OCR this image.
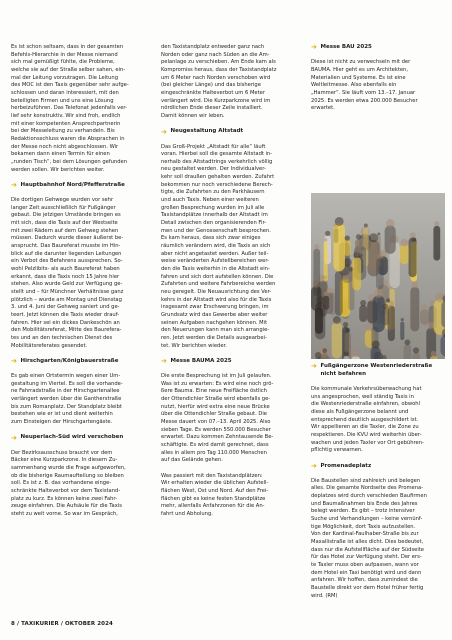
Es ist schon seltsam, dass in der gesamten
Befehls-Hierarchie in der Messe niemand
sich mal gemüßigt fühlte, die Probleme,
welche sie auf der Straße selber sahen, ein-
mal der Leitung vorzutragen. Die Leitung
des MOC ist den Taxis gegenüber sehr aufge-
schlossen und daran interessiert, mit den
beteiligten Firmen und uns eine Lösung
herbeizuführen. Das Telefonat jedenfalls ver-
lief sehr konstruktiv. Wir sind froh, endlich
mit einer kompetenten Ansprechpartnerin
bei der Messeleitung zu verhandeln. Bis
Redaktionsschluss waren die Absprachen in
der Messe noch nicht abgeschlossen. Wir
bekamen dann einen Termin für einen
„runden Tisch“, bei dem Lösungen gefunden
werden sollen. Wir berichten weiter.

➔ Hauptbahnhof Nord/Pfefferstraße

Die dortigen Gehwege wurden vor sehr
langer Zeit ausschließlich für Fußgänger
gebaut. Die jetzigen Umstände bringen es
mit sich, dass die Taxis auf der Westseite
mit zwei Rädern auf dem Gehweg stehen
müssen. Dadurch wurde dieser äußerst be-
ansprucht. Das Baureferat musste im Hin-
blick auf die darunter liegenden Leitungen
ein Verbot des Befahrens aussprechen. So-
wohl Pelzlibits- als auch Baureferat haben
erkannt, dass die Taxis noch 15 Jahre hier
stehen. Also wurde Geld zur Verfügung ge-
stellt und – für Münchner Verhältnisse ganz
plötzlich – wurde am Montag und Dienstag
3. und 4. Juni der Gehweg saniert und ge-
teert. Jetzt können die Taxis wieder drauf-
fahren. Hier sei ein dickes Dankeschön an
den Mobilitätsreferat, Mitte des Baurefera-
tes und an den technischen Dienst des
Mobilitätsreferates gesendet.

➔ Hirschgarten/Königbauerstraße

Es gab einen Ortstermin wegen einer Um-
gestaltung im Viertel. Es soll die vorhande-
ne Fahrradstraße in der Hirschgartenallee
verlängert werden über die Gantherstraße
bis zum Romanplatz. Der Standplatz bleibt
bestehen wie er ist und dient weiterhin
zum Einsteigen der Hirschgartengäste.

➔ Neuperlach-Süd wird verschoben

Der Bezirksausschuss braucht vor dem
Bäcker eine Kurzparkzone. In diesem Zu-
sammenhang wurde die Frage aufgeworfen,
ob die bisherige Raumaufteilung so bleiben
soll. Es ist z. B. das vorhandene einge-
schränkte Halteverbot vor dem Taxistand-
platz zu kurz. Es können keine zwei Fahr-
zeuge einfahren. Die Aufsäule für die Taxis
steht zu weit vorne. So war im Gespräch,

den Taxistandplatz entweder ganz nach
Norden oder ganz nach Süden an die Am-
pelanlage zu verschieben. Am Ende kam als
Kompromiss heraus, dass der Taxistandplatz
um 6 Meter nach Norden verschoben wird
(bei gleicher Länge) und das bisherige
eingeschränkte Halteverbot um 6 Meter
verlängert wird. Die Kurzparkzone wird im
nördlichen Ende dieser Zeile installiert.
Damit können wir leben.

➔ Neugestaltung Altstadt

Das Groß-Projekt „Altstadt für alle“ läuft
voran. Hierbei soll die gesamte Altstadt in-
nerhalb des Altstadtrings verkehrlich völlig
neu gestaltet werden. Der Individualver-
kehr soll draußen gehalten werden. Zufahrt
bekommen nur noch verschiedene Berech-
tigte, die Zufahrten zu den Parkhäusern
und auch Taxis. Neben einer weiteren
großen Besprechung wurden im Juli alle
Taxistandplätze innerhalb der Altstadt im
Detail zwischen den organisierenden Fir-
men und der Genossenschaft besprochen.
Es kam heraus, dass sich zwar einiges
räumlich verändern wird, die Taxis an sich
aber nicht angetastet werden. Außer teil-
weise veränderten Aufstellbereichen wer-
den die Taxis weiterhin in die Altstadt ein-
fahren und sich dort aufstellen können. Die
Zufahrten und weitere Fahrbereiche werden
neu geregelt. Die Neuausrichtung des Ver-
kehrs in der Altstadt wird also für die Taxis
insgesamt zwar Erschwerung bringen, im
Grundsatz wird das Gewerbe aber weiter
seinen Aufgaben nachgehen können. Mit
den Neuerungen kann man sich arrangie-
ren. Jetzt werden die Details ausgearbei-
tet. Wir berichten wieder.

➔ Messe BAUMA 2025

Die erste Besprechung ist im Juli gelaufen.
Was ist zu erwarten: Es wird eine noch grö-
ßere Bauma. Eine neue Freifläche östlich
der Ottendichler Straße wird ebenfalls ge-
nutzt, hierfür wird extra eine neue Brücke
über die Ottendichler Straße gebaut. Die
Messe dauert von 07.–13. April 2025. Also
sieben Tage. Es werden 550.000 Besucher
erwartet. Dazu kommen Zehntausende Be-
schäftigte. Es wird damit gerechnet, dass
alles in allem pro Tag 110.000 Menschen
auf das Gelände gehen.

Was passiert mit den Taxistandplätzen:
Wir erhalten wieder die üblichen Aufstell-
flächen West, Ost und Nord. Auf den Frei-
flächen gibt es keine festen Standplätze
mehr, allenfalls Anfahrzonen für die An-
fahrt und Abholung.

➔ Messe BAU 2025

Diese ist nicht zu verwechseln mit der
BAUMA. Hier geht es um Architekten,
Materialien und Systeme. Es ist eine
Weltleitmesse. Also ebenfalls ein
„Hammer“. Sie läuft vom 13.–17. Januar
2025. Es werden etwa 200.000 Besucher
erwartet.

➔ Fußgängerzone Westenriederstraße nicht befahren

Die kommunale Verkehrsüberwachung hat
uns angesprochen, weil ständig Taxis in
die Westenriederstraße einfahren, obwohl
diese als Fußgängerzone belannt und
entsprechend deutlich ausgeschildert ist.
Wir appellieren an die Taxler, die Zone zu
respektieren. Die KVÜ wird weiterhin über-
wachen und jeden Taxler vor Ort gebühren-
pflichtig verwarnen.

➔ Promenadeplatz

Die Baustellen sind zahlreich und belegen
alles. Die gesamte Nordseite des Promena-
deplatzes wird durch verschieden Baufirmen
und Baumaßnahmen bis Ende des Jahres
belegt werden. Es gibt – trotz intensiver
Suche und Verhandlungen – keine vernünf-
tige Möglichkeit, dort Taxis aufzustellen.
Von der Kardinal-Faulhaber-Straße bis zur
Maxallistraße ist alles dicht. Dies bedeutet,
dass nur die Aufstellfläche auf der Südseite
für das Hotel zur Verfügung steht. Der ers-
te Taxler muss oben aufpassen, wann vor
dem Hotel ein Taxi benötigt wird und dann
anfahren. Wir hoffen, dass zumindest die
Baustelle direkt vor dem Hotel früher fertig
wird. (RM)

8 / TAXIKURIER / OKTOBER 2024
